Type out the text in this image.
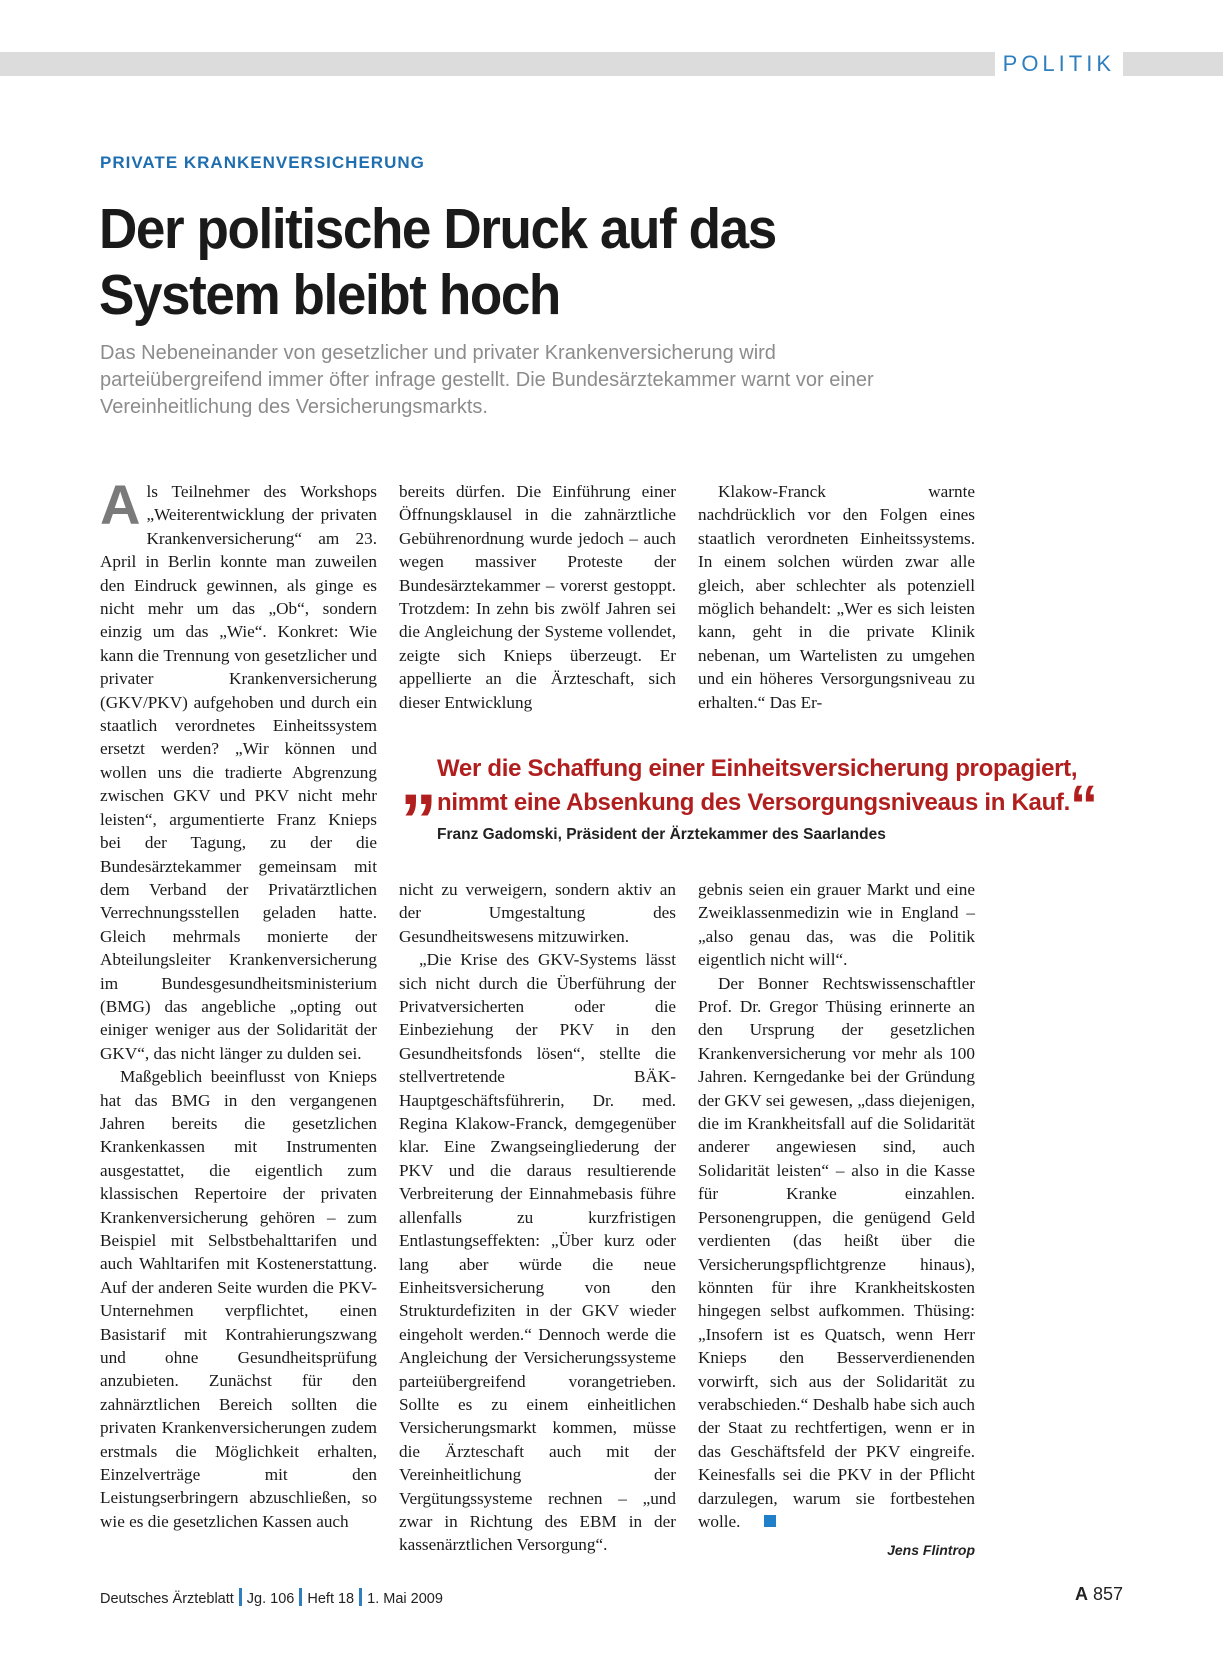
POLITIK
PRIVATE KRANKENVERSICHERUNG
Der politische Druck auf das
System bleibt hoch
Das Nebeneinander von gesetzlicher und privater Krankenversicherung wird parteiübergreifend immer öfter infrage gestellt. Die Bundesärztekammer warnt vor einer Vereinheitlichung des Versicherungsmarkts.

Als Teilnehmer des Workshops „Weiterentwicklung der privaten Krankenversicherung“ am 23. April in Berlin konnte man zuweilen den Eindruck gewinnen, als ginge es nicht mehr um das „Ob“, sondern einzig um das „Wie“. Konkret: Wie kann die Trennung von gesetzlicher und privater Krankenversicherung (GKV/PKV) aufgehoben und durch ein staatlich verordnetes Einheitssystem ersetzt werden? „Wir können und wollen uns die tradierte Abgrenzung zwischen GKV und PKV nicht mehr leisten“, argumentierte Franz Knieps bei der Tagung, zu der die Bundesärztekammer gemeinsam mit dem Verband der Privatärztlichen Verrechnungsstellen geladen hatte. Gleich mehrmals monierte der Abteilungsleiter Krankenversicherung im Bundesgesundheitsministerium (BMG) das angebliche „opting out einiger weniger aus der Solidarität der GKV“, das nicht länger zu dulden sei.

Maßgeblich beeinflusst von Knieps hat das BMG in den vergangenen Jahren bereits die gesetzlichen Krankenkassen mit Instrumenten ausgestattet, die eigentlich zum klassischen Repertoire der privaten Krankenversicherung gehören – zum Beispiel mit Selbstbehalttarifen und auch Wahltarifen mit Kostenerstattung. Auf der anderen Seite wurden die PKV-Unternehmen verpflichtet, einen Basistarif mit Kontrahierungszwang und ohne Gesundheitsprüfung anzubieten. Zunächst für den zahnärztlichen Bereich sollten die privaten Krankenversicherungen zudem erstmals die Möglichkeit erhalten, Einzelverträge mit den Leistungserbringern abzuschließen, so wie es die gesetzlichen Kassen auch

bereits dürfen. Die Einführung einer Öffnungsklausel in die zahnärztliche Gebührenordnung wurde jedoch – auch wegen massiver Proteste der Bundesärztekammer – vorerst gestoppt. Trotzdem: In zehn bis zwölf Jahren sei die Angleichung der Systeme vollendet, zeigte sich Knieps überzeugt. Er appellierte an die Ärzteschaft, sich dieser Entwicklung

Klakow-Franck warnte nachdrücklich vor den Folgen eines staatlich verordneten Einheitssystems. In einem solchen würden zwar alle gleich, aber schlechter als potenziell möglich behandelt: „Wer es sich leisten kann, geht in die private Klinik nebenan, um Wartelisten zu umgehen und ein höheres Versorgungsniveau zu erhalten.“ Das Er-

„ Wer die Schaffung einer Einheitsversicherung propagiert,
nimmt eine Absenkung des Versorgungsniveaus in Kauf.“
Franz Gadomski, Präsident der Ärztekammer des Saarlandes

nicht zu verweigern, sondern aktiv an der Umgestaltung des Gesundheitswesens mitzuwirken.

„Die Krise des GKV-Systems lässt sich nicht durch die Überführung der Privatversicherten oder die Einbeziehung der PKV in den Gesundheitsfonds lösen“, stellte die stellvertretende BÄK-Hauptgeschäftsführerin, Dr. med. Regina Klakow-Franck, demgegenüber klar. Eine Zwangseingliederung der PKV und die daraus resultierende Verbreiterung der Einnahmebasis führe allenfalls zu kurzfristigen Entlastungseffekten: „Über kurz oder lang aber würde die neue Einheitsversicherung von den Strukturdefiziten in der GKV wieder eingeholt werden.“ Dennoch werde die Angleichung der Versicherungssysteme parteiübergreifend vorangetrieben. Sollte es zu einem einheitlichen Versicherungsmarkt kommen, müsse die Ärzteschaft auch mit der Vereinheitlichung der Vergütungssysteme rechnen – „und zwar in Richtung des EBM in der kassenärztlichen Versorgung“.

gebnis seien ein grauer Markt und eine Zweiklassenmedizin wie in England – „also genau das, was die Politik eigentlich nicht will“.

Der Bonner Rechtswissenschaftler Prof. Dr. Gregor Thüsing erinnerte an den Ursprung der gesetzlichen Krankenversicherung vor mehr als 100 Jahren. Kerngedanke bei der Gründung der GKV sei gewesen, „dass diejenigen, die im Krankheitsfall auf die Solidarität anderer angewiesen sind, auch Solidarität leisten“ – also in die Kasse für Kranke einzahlen. Personengruppen, die genügend Geld verdienten (das heißt über die Versicherungspflichtgrenze hinaus), könnten für ihre Krankheitskosten hingegen selbst aufkommen. Thüsing: „Insofern ist es Quatsch, wenn Herr Knieps den Besserverdienenden vorwirft, sich aus der Solidarität zu verabschieden.“ Deshalb habe sich auch der Staat zu rechtfertigen, wenn er in das Geschäftsfeld der PKV eingreife. Keinesfalls sei die PKV in der Pflicht darzulegen, warum sie fortbestehen wolle.

Jens Flintrop
Deutsches Ärzteblatt Jg. 106 Heft 18 1. Mai 2009	A 857
